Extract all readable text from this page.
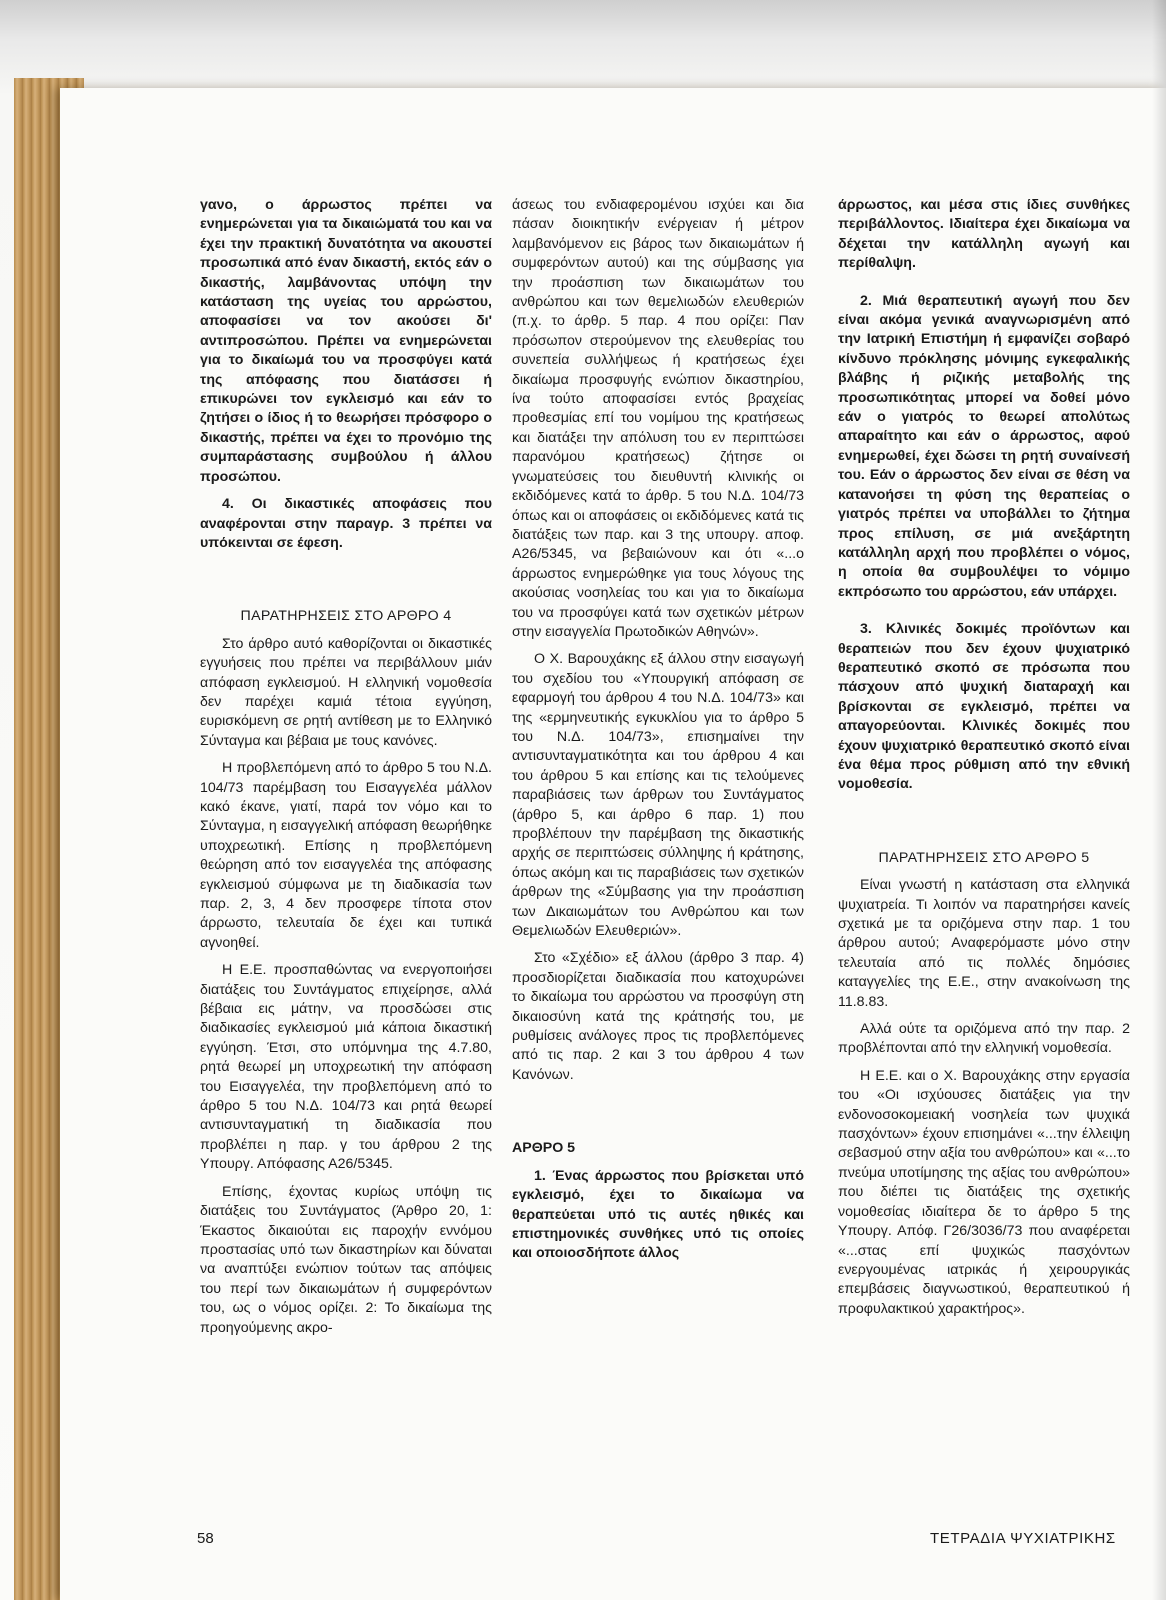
γανο, ο άρρωστος πρέπει να ενημερώνεται για τα δικαιώματά του και να έχει την πρακτική δυνατότητα να ακουστεί προσωπικά από έναν δικαστή, εκτός εάν ο δικαστής, λαμβάνοντας υπόψη την κατάσταση της υγείας του αρρώστου, αποφασίσει να τον ακούσει δι' αντιπροσώπου. Πρέπει να ενημερώνεται για το δικαίωμά του να προσφύγει κατά της απόφασης που διατάσσει ή επικυρώνει τον εγκλεισμό και εάν το ζητήσει ο ίδιος ή το θεωρήσει πρόσφορο ο δικαστής, πρέπει να έχει το προνόμιο της συμπαράστασης συμβούλου ή άλλου προσώπου.

4. Οι δικαστικές αποφάσεις που αναφέρονται στην παραγρ. 3 πρέπει να υπόκεινται σε έφεση.

ΠΑΡΑΤΗΡΗΣΕΙΣ ΣΤΟ ΑΡΘΡΟ 4

Στο άρθρο αυτό καθορίζονται οι δικαστικές εγγυήσεις που πρέπει να περιβάλλουν μιάν απόφαση εγκλεισμού. Η ελληνική νομοθεσία δεν παρέχει καμιά τέτοια εγγύηση, ευρισκόμενη σε ρητή αντίθεση με το Ελληνικό Σύνταγμα και βέβαια με τους κανόνες.

Η προβλεπόμενη από το άρθρο 5 του Ν.Δ. 104/73 παρέμβαση του Εισαγγελέα μάλλον κακό έκανε, γιατί, παρά τον νόμο και το Σύνταγμα, η εισαγγελική απόφαση θεωρήθηκε υποχρεωτική. Επίσης η προβλεπόμενη θεώρηση από τον εισαγγελέα της απόφασης εγκλεισμού σύμφωνα με τη διαδικασία των παρ. 2, 3, 4 δεν προσφερε τίποτα στον άρρωστο, τελευταία δε έχει και τυπικά αγνοηθεί.

Η Ε.Ε. προσπαθώντας να ενεργοποιήσει διατάξεις του Συντάγματος επιχείρησε, αλλά βέβαια εις μάτην, να προσδώσει στις διαδικασίες εγκλεισμού μιά κάποια δικαστική εγγύηση. Έτσι, στο υπόμνημα της 4.7.80, ρητά θεωρεί μη υποχρεωτική την απόφαση του Εισαγγελέα, την προβλεπόμενη από το άρθρο 5 του Ν.Δ. 104/73 και ρητά θεωρεί αντισυνταγματική τη διαδικασία που προβλέπει η παρ. γ του άρθρου 2 της Υπουργ. Απόφασης Α26/5345.

Επίσης, έχοντας κυρίως υπόψη τις διατάξεις του Συντάγματος (Άρθρο 20, 1: Έκαστος δικαιούται εις παροχήν εννόμου προστασίας υπό των δικαστηρίων και δύναται να αναπτύξει ενώπιον τούτων τας απόψεις του περί των δικαιωμάτων ή συμφερόντων του, ως ο νόμος ορίζει. 2: Το δικαίωμα της προηγούμενης ακρο-

άσεως του ενδιαφερομένου ισχύει και δια πάσαν διοικητικήν ενέργειαν ή μέτρον λαμβανόμενον εις βάρος των δικαιωμάτων ή συμφερόντων αυτού) και της σύμβασης για την προάσπιση των δικαιωμάτων του ανθρώπου και των θεμελιωδών ελευθεριών (π.χ. το άρθρ. 5 παρ. 4 που ορίζει: Παν πρόσωπον στερούμενον της ελευθερίας του συνεπεία συλλήψεως ή κρατήσεως έχει δικαίωμα προσφυγής ενώπιον δικαστηρίου, ίνα τούτο αποφασίσει εντός βραχείας προθεσμίας επί του νομίμου της κρατήσεως και διατάξει την απόλυση του εν περιπτώσει παρανόμου κρατήσεως) ζήτησε οι γνωματεύσεις του διευθυντή κλινικής οι εκδιδόμενες κατά το άρθρ. 5 του Ν.Δ. 104/73 όπως και οι αποφάσεις οι εκδιδόμενες κατά τις διατάξεις των παρ. και 3 της υπουργ. αποφ. Α26/5345, να βεβαιώνουν και ότι «...ο άρρωστος ενημερώθηκε για τους λόγους της ακούσιας νοσηλείας του και για το δικαίωμα του να προσφύγει κατά των σχετικών μέτρων στην εισαγγελία Πρωτοδικών Αθηνών».

Ο Χ. Βαρουχάκης εξ άλλου στην εισαγωγή του σχεδίου του «Υπουργική απόφαση σε εφαρμογή του άρθρου 4 του Ν.Δ. 104/73» και της «ερμηνευτικής εγκυκλίου για το άρθρο 5 του Ν.Δ. 104/73», επισημαίνει την αντισυνταγματικότητα και του άρθρου 4 και του άρθρου 5 και επίσης και τις τελούμενες παραβιάσεις των άρθρων του Συντάγματος (άρθρο 5, και άρθρο 6 παρ. 1) που προβλέπουν την παρέμβαση της δικαστικής αρχής σε περιπτώσεις σύλληψης ή κράτησης, όπως ακόμη και τις παραβιάσεις των σχετικών άρθρων της «Σύμβασης για την προάσπιση των Δικαιωμάτων του Ανθρώπου και των Θεμελιωδών Ελευθεριών».

Στο «Σχέδιο» εξ άλλου (άρθρο 3 παρ. 4) προσδιορίζεται διαδικασία που κατοχυρώνει το δικαίωμα του αρρώστου να προσφύγη στη δικαιοσύνη κατά της κράτησής του, με ρυθμίσεις ανάλογες προς τις προβλεπόμενες από τις παρ. 2 και 3 του άρθρου 4 των Κανόνων.

ΑΡΘΡΟ 5

1. Ένας άρρωστος που βρίσκεται υπό εγκλεισμό, έχει το δικαίωμα να θεραπεύεται υπό τις αυτές ηθικές και επιστημονικές συνθήκες υπό τις οποίες και οποιοσδήποτε άλλος

άρρωστος, και μέσα στις ίδιες συνθήκες περιβάλλοντος. Ιδιαίτερα έχει δικαίωμα να δέχεται την κατάλληλη αγωγή και περίθαλψη.

2. Μιά θεραπευτική αγωγή που δεν είναι ακόμα γενικά αναγνωρισμένη από την Ιατρική Επιστήμη ή εμφανίζει σοβαρό κίνδυνο πρόκλησης μόνιμης εγκεφαλικής βλάβης ή ριζικής μεταβολής της προσωπικότητας μπορεί να δοθεί μόνο εάν ο γιατρός το θεωρεί απολύτως απαραίτητο και εάν ο άρρωστος, αφού ενημερωθεί, έχει δώσει τη ρητή συναίνεσή του. Εάν ο άρρωστος δεν είναι σε θέση να κατανοήσει τη φύση της θεραπείας ο γιατρός πρέπει να υποβάλλει το ζήτημα προς επίλυση, σε μιά ανεξάρτητη κατάλληλη αρχή που προβλέπει ο νόμος, η οποία θα συμβουλέψει το νόμιμο εκπρόσωπο του αρρώστου, εάν υπάρχει.

3. Κλινικές δοκιμές προϊόντων και θεραπειών που δεν έχουν ψυχιατρικό θεραπευτικό σκοπό σε πρόσωπα που πάσχουν από ψυχική διαταραχή και βρίσκονται σε εγκλεισμό, πρέπει να απαγορεύονται. Κλινικές δοκιμές που έχουν ψυχιατρικό θεραπευτικό σκοπό είναι ένα θέμα προς ρύθμιση από την εθνική νομοθεσία.

ΠΑΡΑΤΗΡΗΣΕΙΣ ΣΤΟ ΑΡΘΡΟ 5

Είναι γνωστή η κατάσταση στα ελληνικά ψυχιατρεία. Τι λοιπόν να παρατηρήσει κανείς σχετικά με τα οριζόμενα στην παρ. 1 του άρθρου αυτού; Αναφερόμαστε μόνο στην τελευταία από τις πολλές δημόσιες καταγγελίες της Ε.Ε., στην ανακοίνωση της 11.8.83.

Αλλά ούτε τα οριζόμενα από την παρ. 2 προβλέπονται από την ελληνική νομοθεσία.

Η Ε.Ε. και ο Χ. Βαρουχάκης στην εργασία του «Οι ισχύουσες διατάξεις για την ενδονοσοκομειακή νοσηλεία των ψυχικά πασχόντων» έχουν επισημάνει «...την έλλειψη σεβασμού στην αξία του ανθρώπου» και «...το πνεύμα υποτίμησης της αξίας του ανθρώπου» που διέπει τις διατάξεις της σχετικής νομοθεσίας ιδιαίτερα δε το άρθρο 5 της Υπουργ. Απόφ. Γ26/3036/73 που αναφέρεται «...στας επί ψυχικώς πασχόντων ενεργουμένας ιατρικάς ή χειρουργικάς επεμβάσεις διαγνωστικού, θεραπευτικού ή προφυλακτικού χαρακτήρος».

58	ΤΕΤΡΑΔΙΑ ΨΥΧΙΑΤΡΙΚΗΣ
